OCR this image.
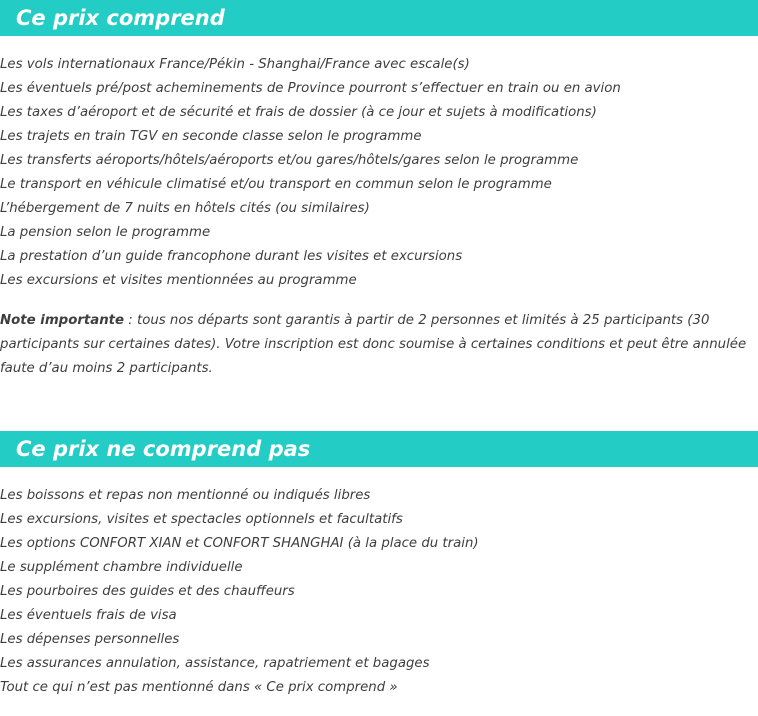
Ce prix comprend
Les vols internationaux France/Pékin - Shanghai/France avec escale(s)
Les éventuels pré/post acheminements de Province pourront s’effectuer en train ou en avion
Les taxes d’aéroport et de sécurité et frais de dossier (à ce jour et sujets à modifications)
Les trajets en train TGV en seconde classe selon le programme
Les transferts aéroports/hôtels/aéroports et/ou gares/hôtels/gares selon le programme
Le transport en véhicule climatisé et/ou transport en commun selon le programme
L’hébergement de 7 nuits en hôtels cités (ou similaires)
La pension selon le programme
La prestation d’un guide francophone durant les visites et excursions
Les excursions et visites mentionnées au programme

Note importante : tous nos départs sont garantis à partir de 2 personnes et limités à 25 participants (30 participants sur certaines dates). Votre inscription est donc soumise à certaines conditions et peut être annulée faute d’au moins 2 participants.

Ce prix ne comprend pas
Les boissons et repas non mentionné ou indiqués libres
Les excursions, visites et spectacles optionnels et facultatifs
Les options CONFORT XIAN et CONFORT SHANGHAI (à la place du train)
Le supplément chambre individuelle
Les pourboires des guides et des chauffeurs
Les éventuels frais de visa
Les dépenses personnelles
Les assurances annulation, assistance, rapatriement et bagages
Tout ce qui n’est pas mentionné dans « Ce prix comprend »
